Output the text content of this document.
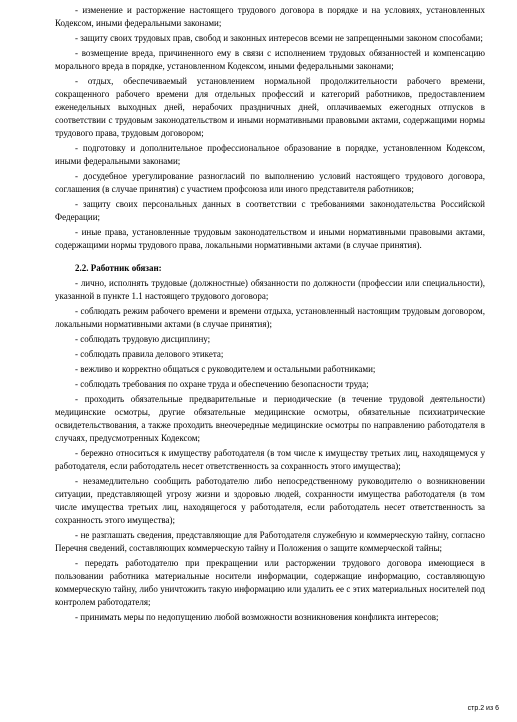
- изменение и расторжение настоящего трудового договора в порядке и на условиях, установленных Кодексом, иными федеральными законами;

- защиту своих трудовых прав, свобод и законных интересов всеми не запрещенными законом способами;

- возмещение вреда, причиненного ему в связи с исполнением трудовых обязанностей и компенсацию морального вреда в порядке, установленном Кодексом, иными федеральными законами;

- отдых, обеспечиваемый установлением нормальной продолжительности рабочего времени, сокращенного рабочего времени для отдельных профессий и категорий работников, предоставлением еженедельных выходных дней, нерабочих праздничных дней, оплачиваемых ежегодных отпусков в соответствии с трудовым законодательством и иными нормативными правовыми актами, содержащими нормы трудового права, трудовым договором;

- подготовку и дополнительное профессиональное образование в порядке, установленном Кодексом, иными федеральными законами;

- досудебное урегулирование разногласий по выполнению условий настоящего трудового договора, соглашения (в случае принятия) с участием профсоюза или иного представителя работников;

- защиту своих персональных данных в соответствии с требованиями законодательства Российской Федерации;

- иные права, установленные трудовым законодательством и иными нормативными правовыми актами, содержащими нормы трудового права, локальными нормативными актами (в случае принятия).

2.2. Работник обязан:

- лично, исполнять трудовые (должностные) обязанности по должности (профессии или специальности), указанной в пункте 1.1 настоящего трудового договора;

- соблюдать режим рабочего времени и времени отдыха, установленный настоящим трудовым договором, локальными нормативными актами (в случае принятия);

- соблюдать трудовую дисциплину;

- соблюдать правила делового этикета;

- вежливо и корректно общаться с руководителем и остальными работниками;

- соблюдать требования по охране труда и обеспечению безопасности труда;

- проходить обязательные предварительные и периодические (в течение трудовой деятельности) медицинские осмотры, другие обязательные медицинские осмотры, обязательные психиатрические освидетельствования, а также проходить внеочередные медицинские осмотры по направлению работодателя в случаях, предусмотренных Кодексом;

- бережно относиться к имуществу работодателя (в том числе к имуществу третьих лиц, находящемуся у работодателя, если работодатель несет ответственность за сохранность этого имущества);

- незамедлительно сообщить работодателю либо непосредственному руководителю о возникновении ситуации, представляющей угрозу жизни и здоровью людей, сохранности имущества работодателя (в том числе имущества третьих лиц, находящегося у работодателя, если работодатель несет ответственность за сохранность этого имущества);

- не разглашать сведения, представляющие для Работодателя служебную и коммерческую тайну, согласно Перечня сведений, составляющих коммерческую тайну и Положения о защите коммерческой тайны;

- передать работодателю при прекращении или расторжении трудового договора имеющиеся в пользовании работника материальные носители информации, содержащие информацию, составляющую коммерческую тайну, либо уничтожить такую информацию или удалить ее с этих материальных носителей под контролем работодателя;

- принимать меры по недопущению любой возможности возникновения конфликта интересов;

стр.2 из 6
